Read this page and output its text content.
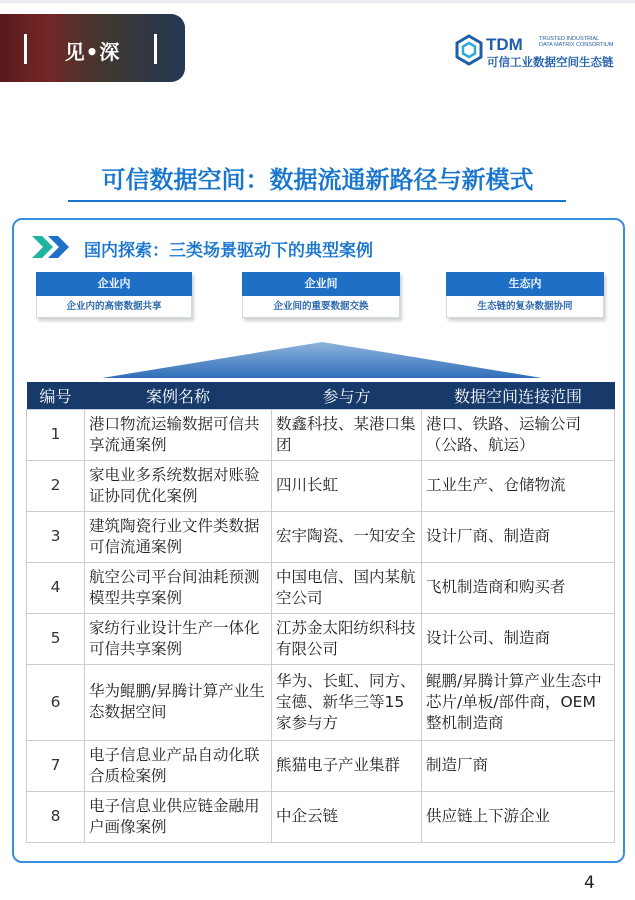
见•深	TDM	TRUSTED INDUSTRIAL
DATA MATRIX CONSORTIUM
可信工业数据空间生态链
可信数据空间：数据流通新路径与新模式
国内探索：三类场景驱动下的典型案例
企业内
企业内的高密数据共享
企业间
企业间的重要数据交换
生态内
生态链的复杂数据协同
编号	案例名称	参与方	数据空间连接范围
1	港口物流运输数据可信共享流通案例	数鑫科技、某港口集团	港口、铁路、运输公司（公路、航运）
2	家电业多系统数据对账验证协同优化案例	四川长虹	工业生产、仓储物流
3	建筑陶瓷行业文件类数据可信流通案例	宏宇陶瓷、一知安全	设计厂商、制造商
4	航空公司平台间油耗预测模型共享案例	中国电信、国内某航空公司	飞机制造商和购买者
5	家纺行业设计生产一体化可信共享案例	江苏金太阳纺织科技有限公司	设计公司、制造商
6	华为鲲鹏/昇腾计算产业生态数据空间	华为、长虹、同方、宝德、新华三等15家参与方	鲲鹏/昇腾计算产业生态中芯片/单板/部件商，OEM整机制造商
7	电子信息业产品自动化联合质检案例	熊猫电子产业集群	制造厂商
8	电子信息业供应链金融用户画像案例	中企云链	供应链上下游企业
4
